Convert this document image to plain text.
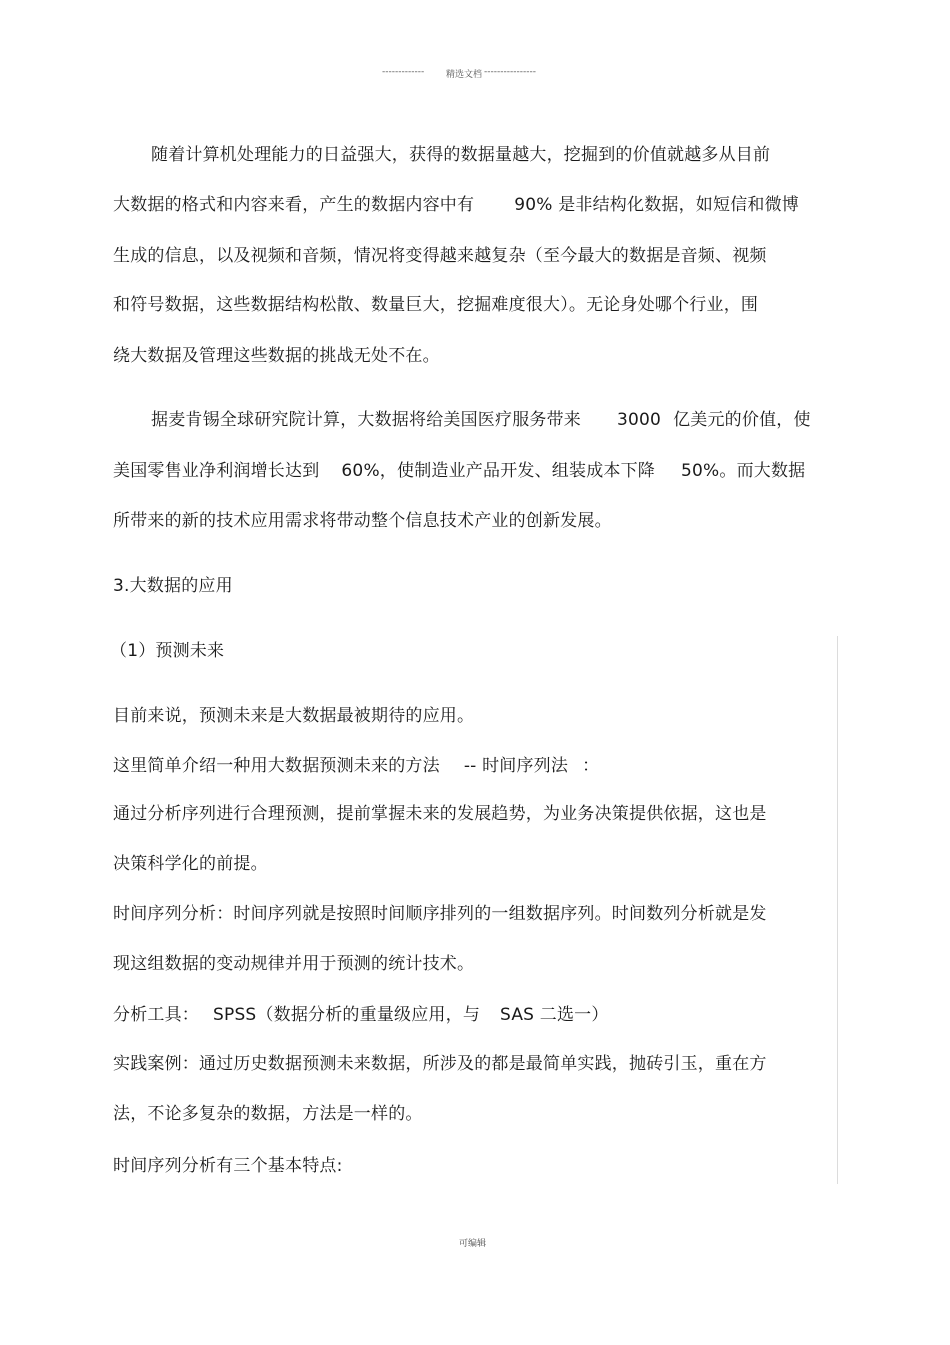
------------- 精选文档 ----------------
随着计算机处理能力的日益强大，获得的数据量越大，挖掘到的价值就越多从目前
大数据的格式和内容来看，产生的数据内容中有 90% 是非结构化数据，如短信和微博
生成的信息，以及视频和音频，情况将变得越来越复杂（至今最大的数据是音频、视频
和符号数据，这些数据结构松散、数量巨大，挖掘难度很大）。无论身处哪个行业，围
绕大数据及管理这些数据的挑战无处不在。
据麦肯锡全球研究院计算，大数据将给美国医疗服务带来 3000 亿美元的价值，使
美国零售业净利润增长达到 60%，使制造业产品开发、组装成本下降 50%。而大数据
所带来的新的技术应用需求将带动整个信息技术产业的创新发展。
3.大数据的应用
（1）预测未来
目前来说，预测未来是大数据最被期待的应用。
这里简单介绍一种用大数据预测未来的方法 -- 时间序列法 ：
通过分析序列进行合理预测，提前掌握未来的发展趋势，为业务决策提供依据，这也是
决策科学化的前提。
时间序列分析：时间序列就是按照时间顺序排列的一组数据序列。时间数列分析就是发
现这组数据的变动规律并用于预测的统计技术。
分析工具： SPSS（数据分析的重量级应用，与 SAS 二选一）
实践案例：通过历史数据预测未来数据，所涉及的都是最简单实践，抛砖引玉，重在方
法，不论多复杂的数据，方法是一样的。
时间序列分析有三个基本特点:
可编辑
